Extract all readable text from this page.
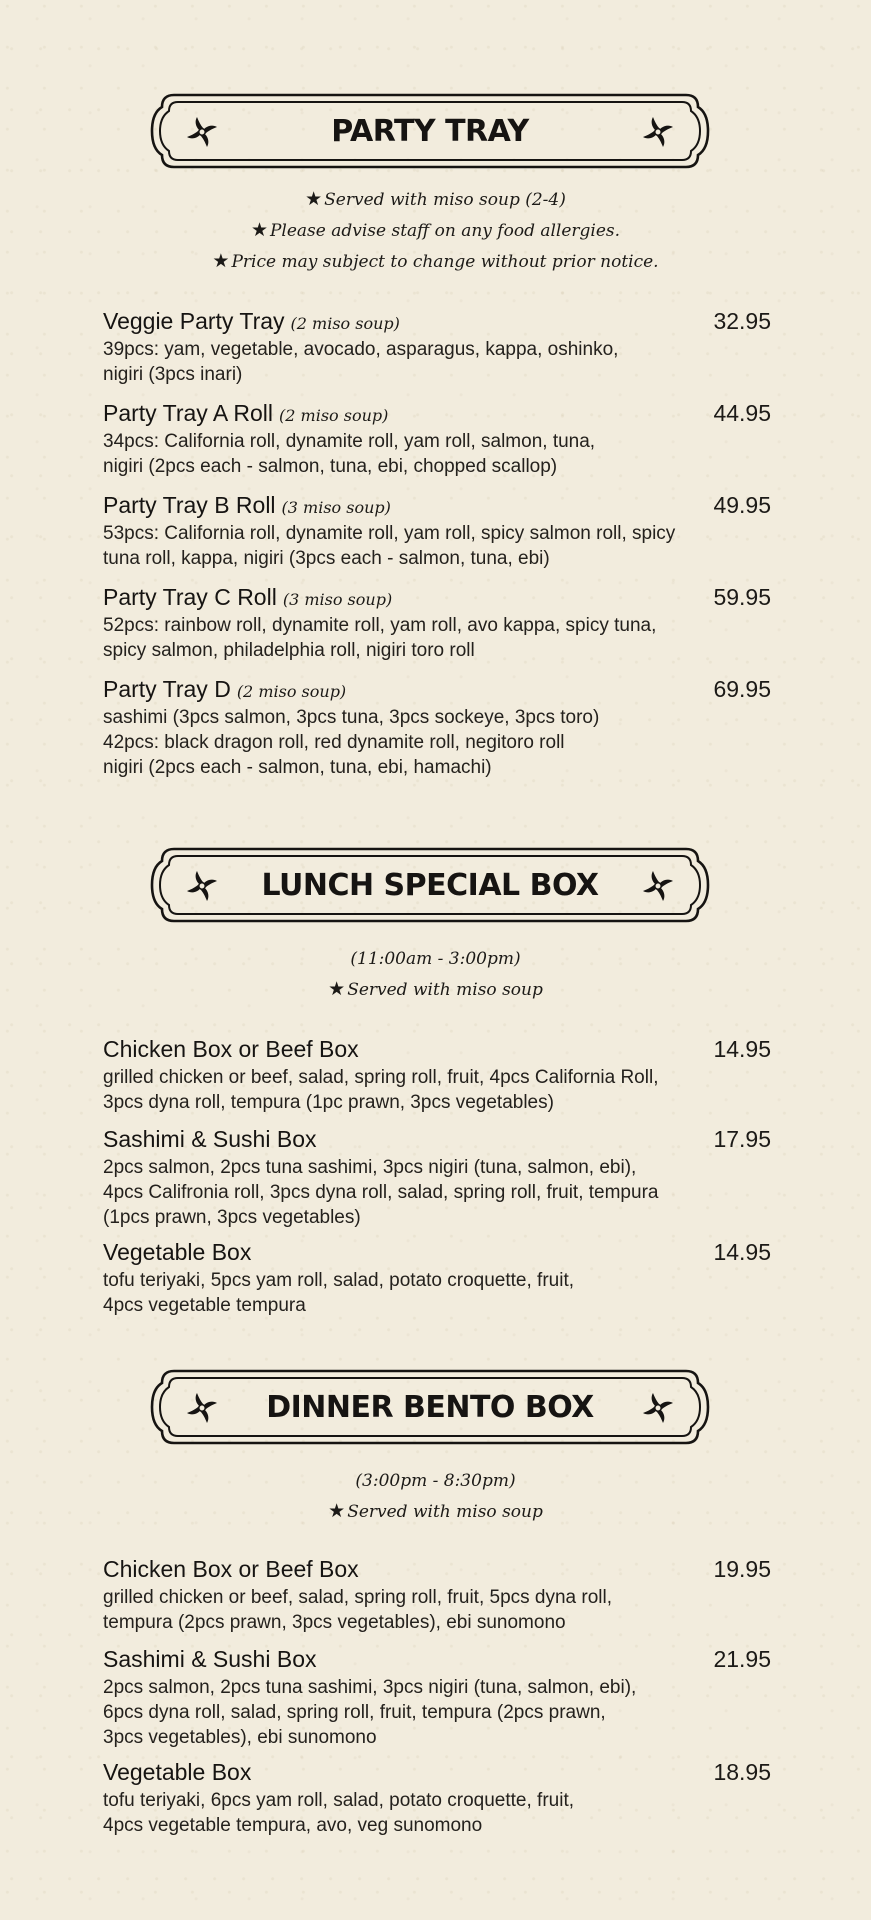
PARTY TRAY
★ Served with miso soup (2-4)
★ Please advise staff on any food allergies.
★ Price may subject to change without prior notice.
Veggie Party Tray (2 miso soup)	32.95
39pcs: yam, vegetable, avocado, asparagus, kappa, oshinko,
nigiri (3pcs inari)
Party Tray A Roll (2 miso soup)	44.95
34pcs: California roll, dynamite roll, yam roll, salmon, tuna,
nigiri (2pcs each - salmon, tuna, ebi, chopped scallop)
Party Tray B Roll (3 miso soup)	49.95
53pcs: California roll, dynamite roll, yam roll, spicy salmon roll, spicy
tuna roll, kappa, nigiri (3pcs each - salmon, tuna, ebi)
Party Tray C Roll (3 miso soup)	59.95
52pcs: rainbow roll, dynamite roll, yam roll, avo kappa, spicy tuna,
spicy salmon, philadelphia roll, nigiri toro roll
Party Tray D (2 miso soup)	69.95
sashimi (3pcs salmon, 3pcs tuna, 3pcs sockeye, 3pcs toro)
42pcs: black dragon roll, red dynamite roll, negitoro roll
nigiri (2pcs each - salmon, tuna, ebi, hamachi)
LUNCH SPECIAL BOX
(11:00am - 3:00pm)
★ Served with miso soup
Chicken Box or Beef Box	14.95
grilled chicken or beef, salad, spring roll, fruit, 4pcs California Roll,
3pcs dyna roll, tempura (1pc prawn, 3pcs vegetables)
Sashimi & Sushi Box	17.95
2pcs salmon, 2pcs tuna sashimi, 3pcs nigiri (tuna, salmon, ebi),
4pcs Califronia roll, 3pcs dyna roll, salad, spring roll, fruit, tempura
(1pcs prawn, 3pcs vegetables)
Vegetable Box	14.95
tofu teriyaki, 5pcs yam roll, salad, potato croquette, fruit,
4pcs vegetable tempura
DINNER BENTO BOX
(3:00pm - 8:30pm)
★ Served with miso soup
Chicken Box or Beef Box	19.95
grilled chicken or beef, salad, spring roll, fruit, 5pcs dyna roll,
tempura (2pcs prawn, 3pcs vegetables), ebi sunomono
Sashimi & Sushi Box	21.95
2pcs salmon, 2pcs tuna sashimi, 3pcs nigiri (tuna, salmon, ebi),
6pcs dyna roll, salad, spring roll, fruit, tempura (2pcs prawn,
3pcs vegetables), ebi sunomono
Vegetable Box	18.95
tofu teriyaki, 6pcs yam roll, salad, potato croquette, fruit,
4pcs vegetable tempura, avo, veg sunomono
